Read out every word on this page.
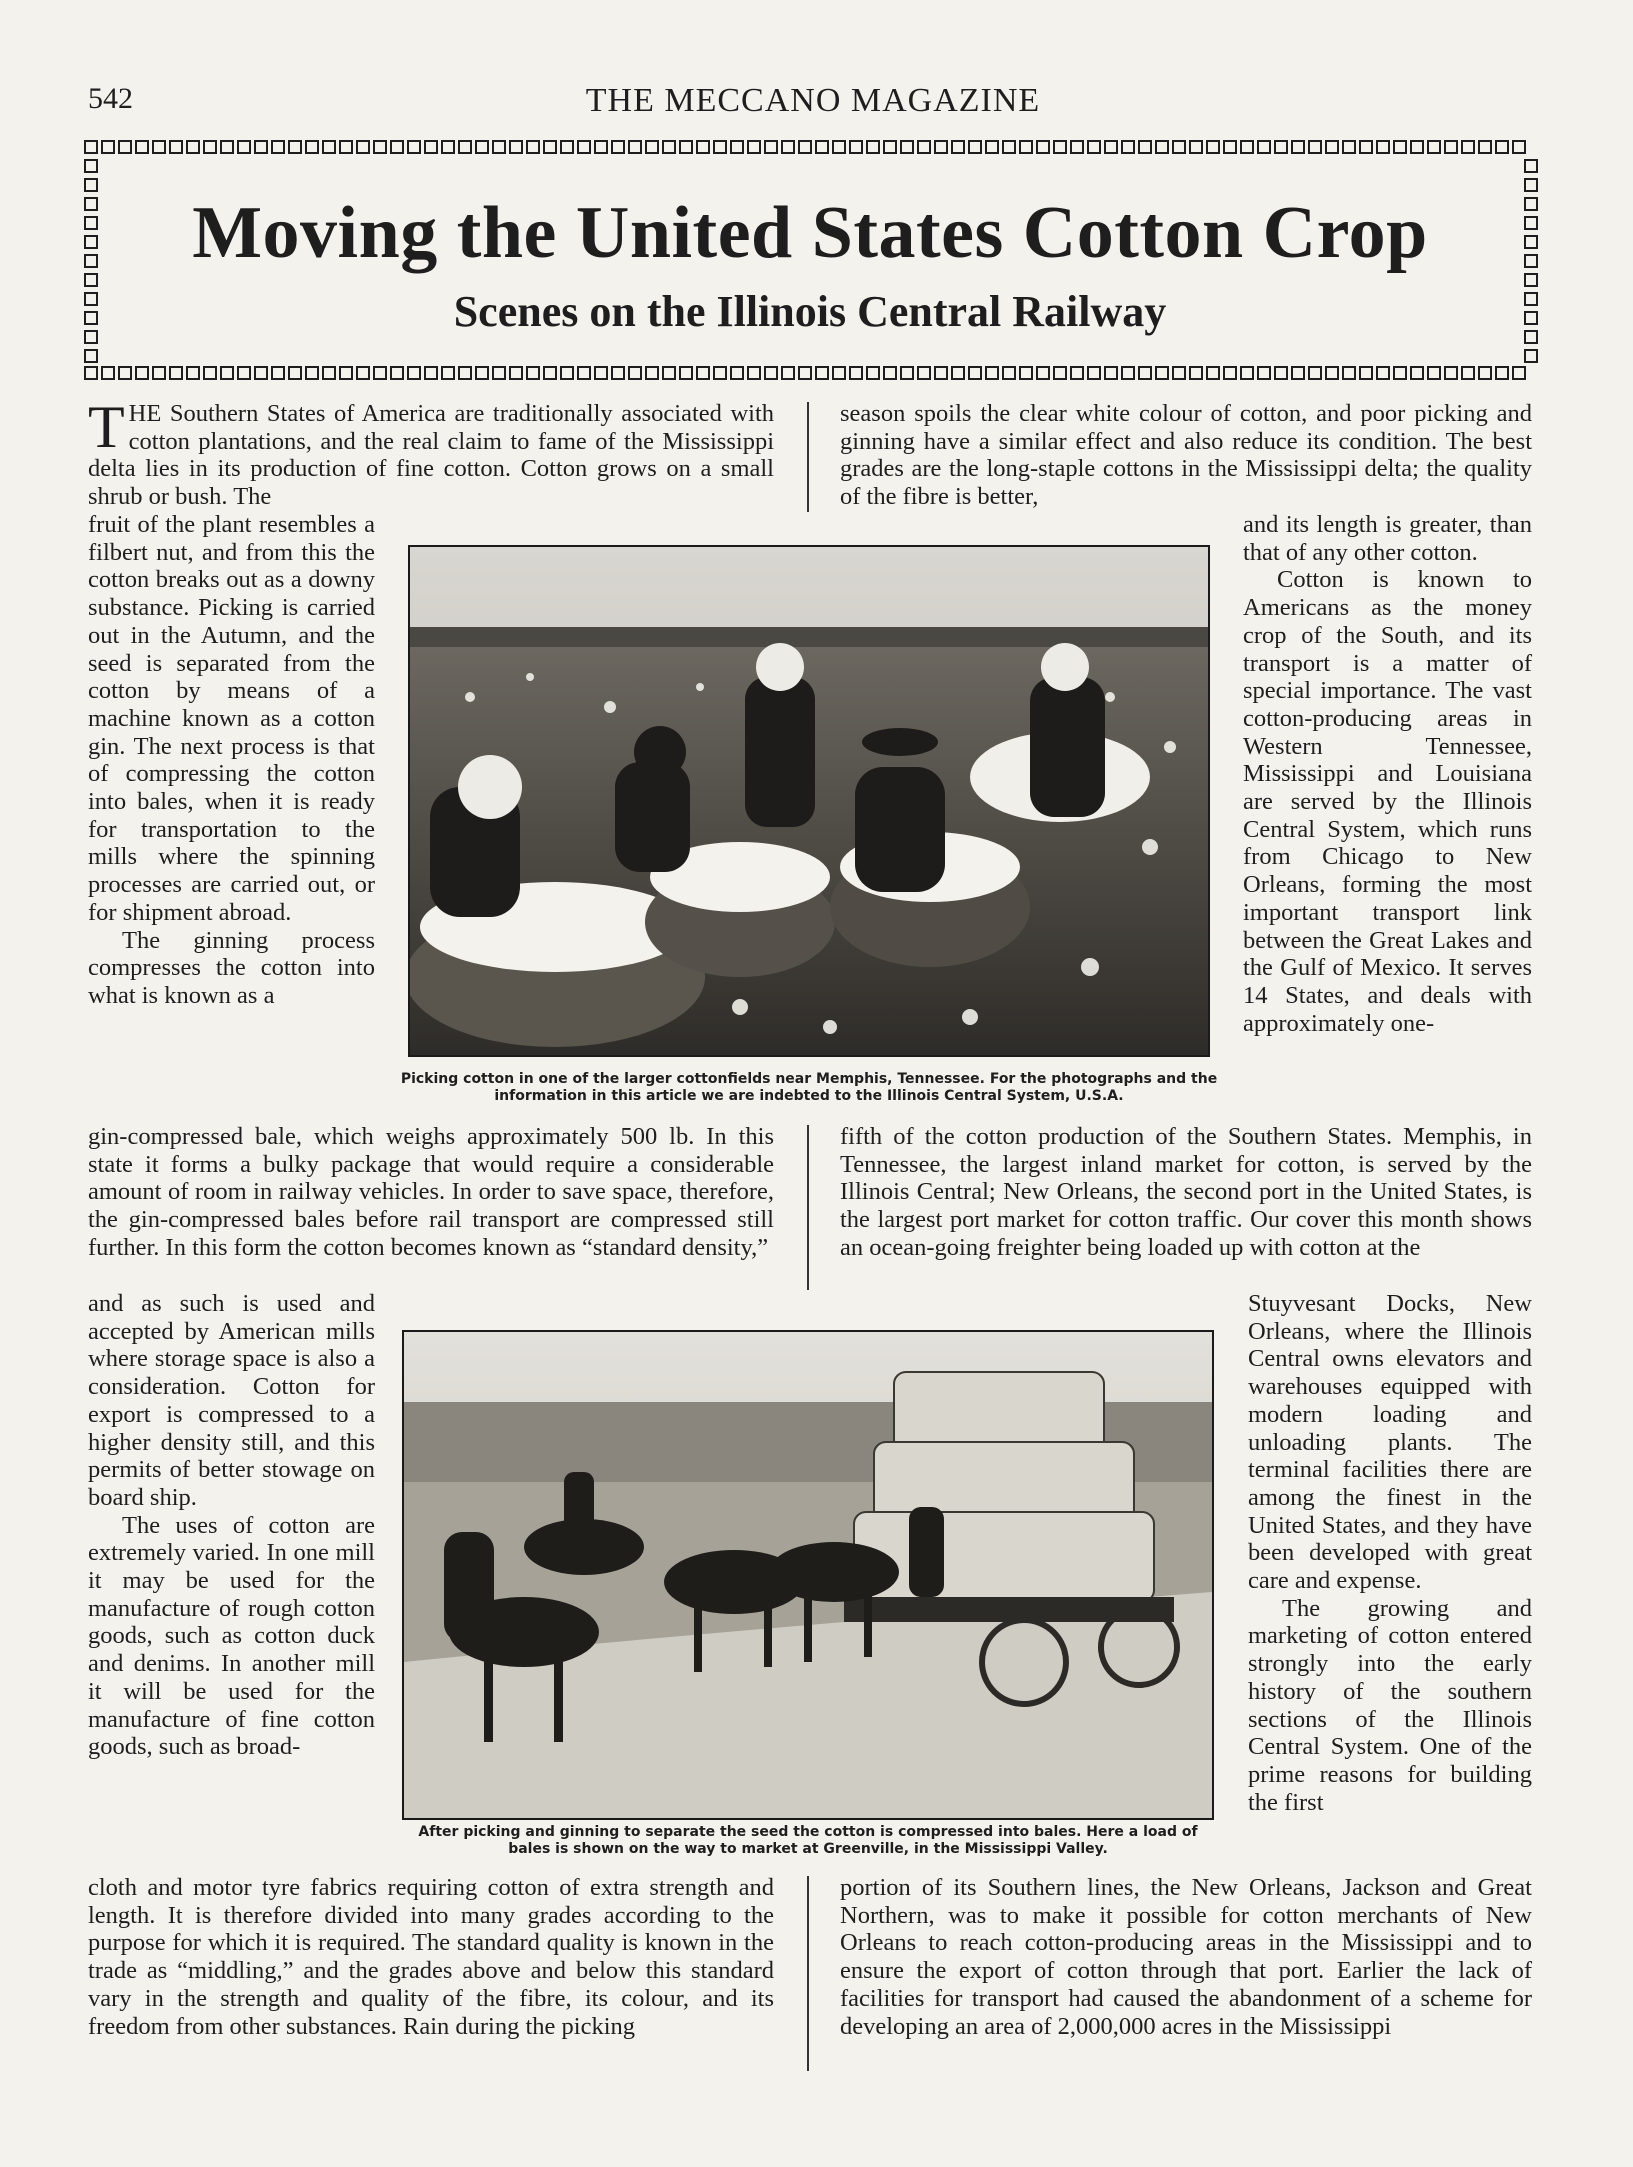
542	THE MECCANO MAGAZINE
Moving the United States Cotton Crop
Scenes on the Illinois Central Railway

THE Southern States of America are traditionally associated with cotton plantations, and the real claim to fame of the Mississippi delta lies in its production of fine cotton. Cotton grows on a small shrub or bush. The

season spoils the clear white colour of cotton, and poor picking and ginning have a similar effect and also reduce its condition. The best grades are the long-staple cottons in the Mississippi delta; the quality of the fibre is better,

Picking cotton in one of the larger cottonfields near Memphis, Tennessee. For the photographs and the information in this article we are indebted to the Illinois Central System, U.S.A.

fruit of the plant resembles a filbert nut, and from this the cotton breaks out as a downy substance. Picking is carried out in the Autumn, and the seed is separated from the cotton by means of a machine known as a cotton gin. The next process is that of compressing the cotton into bales, when it is ready for transportation to the mills where the spinning processes are carried out, or for shipment abroad.

The ginning process compresses the cotton into what is known as a

and its length is greater, than that of any other cotton.

Cotton is known to Americans as the money crop of the South, and its transport is a matter of special importance. The vast cotton-producing areas in Western Tennessee, Mississippi and Louisiana are served by the Illinois Central System, which runs from Chicago to New Orleans, forming the most important transport link between the Great Lakes and the Gulf of Mexico. It serves 14 States, and deals with approximately one-

gin-compressed bale, which weighs approximately 500 lb. In this state it forms a bulky package that would require a considerable amount of room in railway vehicles. In order to save space, therefore, the gin-compressed bales before rail transport are compressed still further. In this form the cotton becomes known as “standard density,”

fifth of the cotton production of the Southern States. Memphis, in Tennessee, the largest inland market for cotton, is served by the Illinois Central; New Orleans, the second port in the United States, is the largest port market for cotton traffic. Our cover this month shows an ocean-going freighter being loaded up with cotton at the

After picking and ginning to separate the seed the cotton is compressed into bales. Here a load of bales is shown on the way to market at Greenville, in the Mississippi Valley.

and as such is used and accepted by American mills where storage space is also a consideration. Cotton for export is compressed to a higher density still, and this permits of better stowage on board ship.

The uses of cotton are extremely varied. In one mill it may be used for the manufacture of rough cotton goods, such as cotton duck and denims. In another mill it will be used for the manufacture of fine cotton goods, such as broad-

Stuyvesant Docks, New Orleans, where the Illinois Central owns elevators and warehouses equipped with modern loading and unloading plants. The terminal facilities there are among the finest in the United States, and they have been developed with great care and expense.

The growing and marketing of cotton entered strongly into the early history of the southern sections of the Illinois Central System. One of the prime reasons for building the first

cloth and motor tyre fabrics requiring cotton of extra strength and length. It is therefore divided into many grades according to the purpose for which it is required. The standard quality is known in the trade as “middling,” and the grades above and below this standard vary in the strength and quality of the fibre, its colour, and its freedom from other substances. Rain during the picking

portion of its Southern lines, the New Orleans, Jackson and Great Northern, was to make it possible for cotton merchants of New Orleans to reach cotton-producing areas in the Mississippi and to ensure the export of cotton through that port. Earlier the lack of facilities for transport had caused the abandonment of a scheme for developing an area of 2,000,000 acres in the Mississippi
